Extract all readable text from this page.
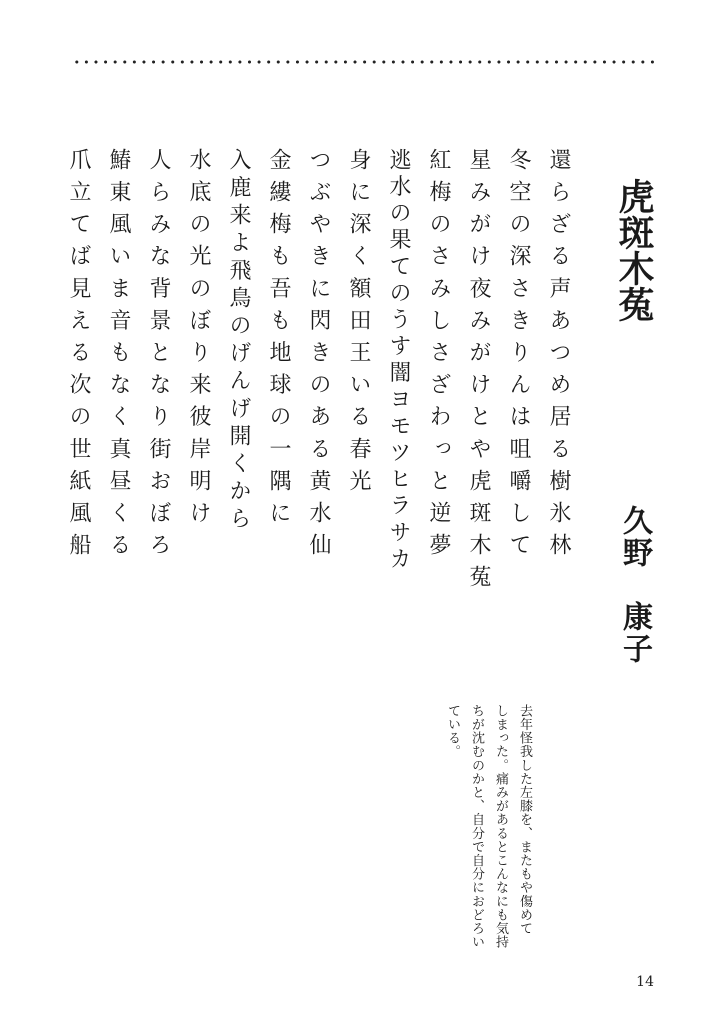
虎斑木菟
久野　康子

還らざる声あつめ居る樹氷林

冬空の深さきりんは咀嚼して

星みがけ夜みがけとや虎斑木菟

紅梅のさみしさざわっと逆夢

逃水の果てのうす闇ヨモツヒラサカ

身に深く額田王いる春光

つぶやきに閃きのある黄水仙

金縷梅も吾も地球の一隅に

入鹿来よ飛鳥のげんげ開くから

水底の光のぼり来彼岸明け

人らみな背景となり街おぼろ

鰆東風いま音もなく真昼くる

爪立てば見える次の世紙風船

去年怪我した左膝を、またもや傷めて

しまった。痛みがあるとこんなにも気持

ちが沈むのかと、自分で自分におどろい

ている。

14
